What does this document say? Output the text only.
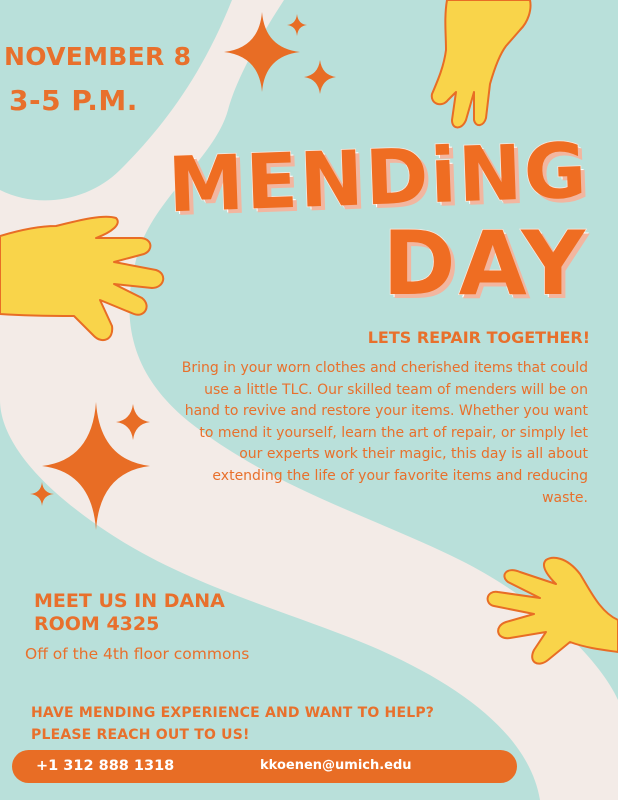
NOVEMBER 8
3-5 P.M.
MENDiNG
DAY
LETS REPAIR TOGETHER!
Bring in your worn clothes and cherished items that could use a little TLC. Our skilled team of menders will be on hand to revive and restore your items. Whether you want to mend it yourself, learn the art of repair, or simply let our experts work their magic, this day is all about extending the life of your favorite items and reducing waste.
MEET US IN DANA
ROOM 4325
Off of the 4th floor commons
HAVE MENDING EXPERIENCE AND WANT TO HELP?
PLEASE REACH OUT TO US!
+1 312 888 1318	kkoenen@umich.edu
